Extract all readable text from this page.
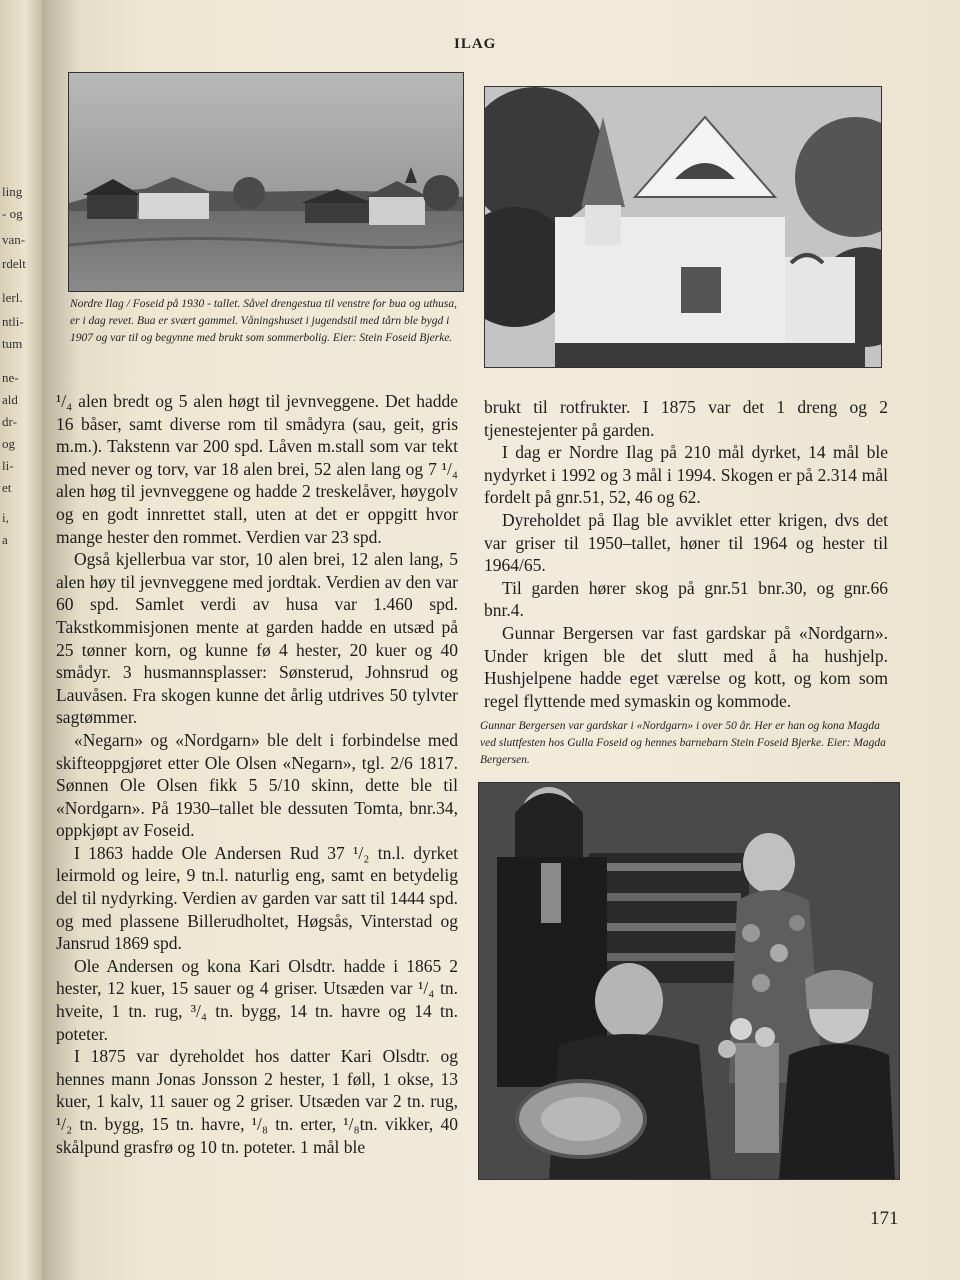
ling
- og
van-
rdelt
lerl.
ntli-
tum
ne-
ald
dr-
og
li-
et
i,
a
ILAG
Nordre Ilag / Foseid på 1930 - tallet. Såvel drengestua til venstre for bua og uthusa, er i dag revet. Bua er svært gammel. Våningshuset i jugendstil med tårn ble bygd i 1907 og var til og begynne med brukt som sommerbolig. Eier: Stein Foseid Bjerke.

¹/₄ alen bredt og 5 alen høgt til jevnveggene. Det hadde 16 båser, samt diverse rom til smådyra (sau, geit, gris m.m.). Takstenn var 200 spd. Låven m.stall som var tekt med never og torv, var 18 alen brei, 52 alen lang og 7 ¹/₄ alen høg til jevnveggene og hadde 2 treskelåver, høygolv og en godt innrettet stall, uten at det er oppgitt hvor mange hester den rommet. Verdien var 23 spd.

Også kjellerbua var stor, 10 alen brei, 12 alen lang, 5 alen høy til jevnveggene med jordtak. Verdien av den var 60 spd. Samlet verdi av husa var 1.460 spd. Takstkommisjonen mente at garden hadde en utsæd på 25 tønner korn, og kunne fø 4 hester, 20 kuer og 40 smådyr. 3 husmannsplasser: Sønsterud, Johnsrud og Lauvåsen. Fra skogen kunne det årlig utdrives 50 tylvter sagtømmer.

«Negarn» og «Nordgarn» ble delt i forbindelse med skifteoppgjøret etter Ole Olsen «Negarn», tgl. 2/6 1817. Sønnen Ole Olsen fikk 5 5/10 skinn, dette ble til «Nordgarn». På 1930–tallet ble dessuten Tomta, bnr.34, oppkjøpt av Foseid.

I 1863 hadde Ole Andersen Rud 37 ¹/₂ tn.l. dyrket leirmold og leire, 9 tn.l. naturlig eng, samt en betydelig del til nydyrking. Verdien av garden var satt til 1444 spd. og med plassene Billerudholtet, Høgsås, Vinterstad og Jansrud 1869 spd.

Ole Andersen og kona Kari Olsdtr. hadde i 1865 2 hester, 12 kuer, 15 sauer og 4 griser. Utsæden var ¹/₄ tn. hveite, 1 tn. rug, ³/₄ tn. bygg, 14 tn. havre og 14 tn. poteter.

I 1875 var dyreholdet hos datter Kari Olsdtr. og hennes mann Jonas Jonsson 2 hester, 1 føll, 1 okse, 13 kuer, 1 kalv, 11 sauer og 2 griser. Utsæden var 2 tn. rug, ¹/₂ tn. bygg, 15 tn. havre, ¹/₈ tn. erter, ¹/₈tn. vikker, 40 skålpund grasfrø og 10 tn. poteter. 1 mål ble

brukt til rotfrukter. I 1875 var det 1 dreng og 2 tjenestejenter på garden.

I dag er Nordre Ilag på 210 mål dyrket, 14 mål ble nydyrket i 1992 og 3 mål i 1994. Skogen er på 2.314 mål fordelt på gnr.51, 52, 46 og 62.

Dyreholdet på Ilag ble avviklet etter krigen, dvs det var griser til 1950–tallet, høner til 1964 og hester til 1964/65.

Til garden hører skog på gnr.51 bnr.30, og gnr.66 bnr.4.

Gunnar Bergersen var fast gardskar på «Nordgarn». Under krigen ble det slutt med å ha hushjelp. Hushjelpene hadde eget værelse og kott, og kom som regel flyttende med symaskin og kommode.

Gunnar Bergersen var gardskar i «Nordgarn» i over 50 år. Her er han og kona Magda ved sluttfesten hos Gulla Foseid og hennes barnebarn Stein Foseid Bjerke. Eier: Magda Bergersen.
171
